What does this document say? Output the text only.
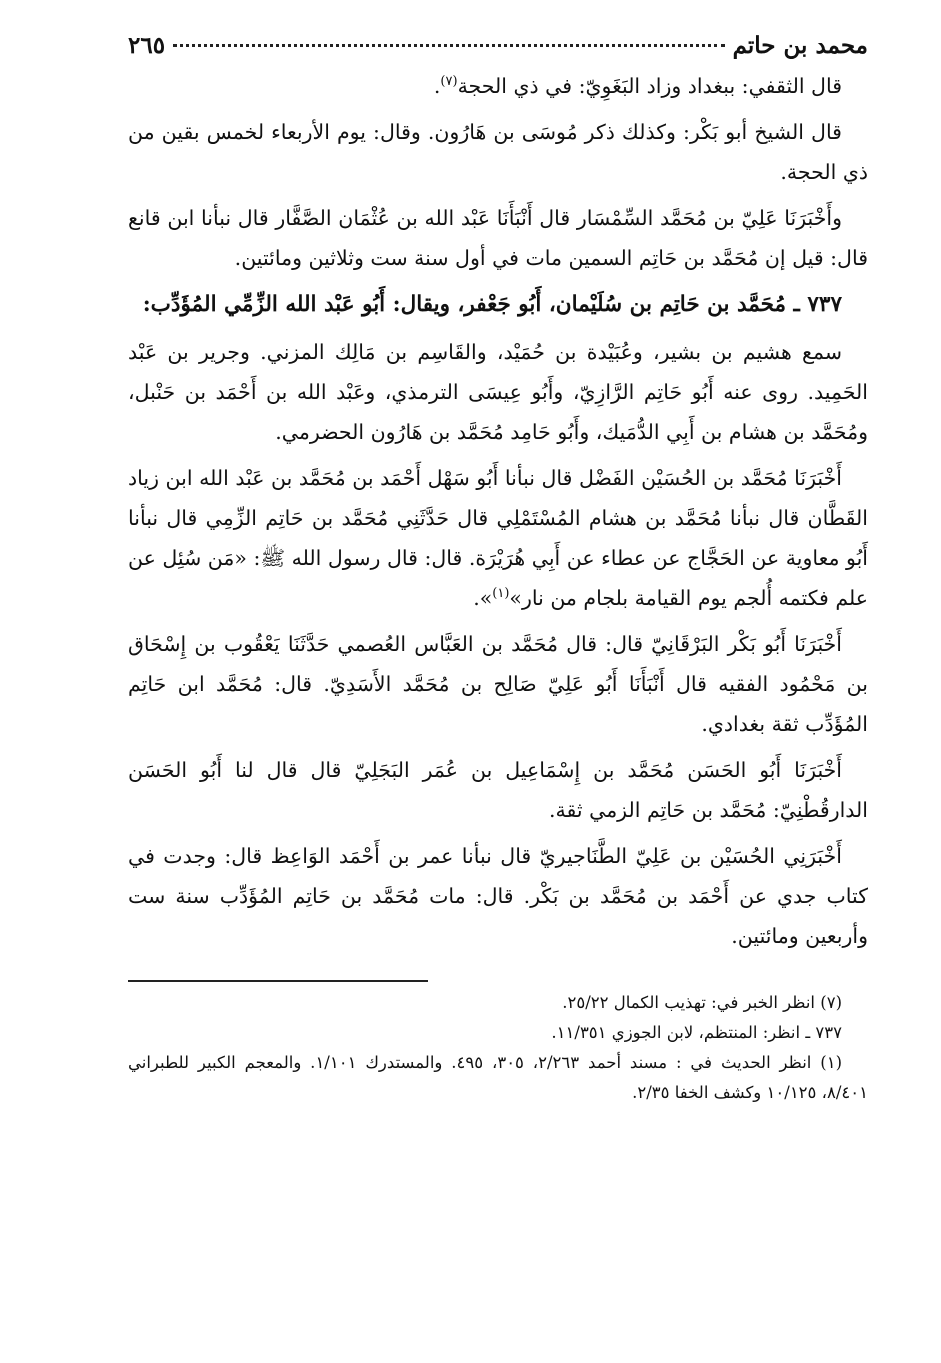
محمد بن حاتم
٢٦٥

قال الثقفي: ببغداد وزاد البَغَوِيّ: في ذي الحجة$^{(٧)}$.

قال الشيخ أبو بَكْر: وكذلك ذكر مُوسَى بن هَارُون. وقال: يوم الأربعاء لخمس بقين من ذي الحجة.

وأَخْبَرَنَا عَلِيّ بن مُحَمَّد السِّمْسَار قال أَنْبَأَنَا عَبْد الله بن عُثْمَان الصَّفَّار قال نبأنا ابن قانع قال: قيل إن مُحَمَّد بن حَاتِم السمين مات في أول سنة ست وثلاثين ومائتين.

٧٣٧ ـ مُحَمَّد بن حَاتِم بن سُلَيْمان، أَبُو جَعْفر، ويقال: أَبُو عَبْد الله الزِّمِّي المُؤَدِّب:

سمع هشيم بن بشير، وعُبَيْدة بن حُمَيْد، والقَاسِم بن مَالِك المزني. وجرير بن عَبْد الحَمِيد. روى عنه أَبُو حَاتِم الرَّازِيّ، وأَبُو عِيسَى الترمذي، وعَبْد الله بن أَحْمَد بن حَنْبل، ومُحَمَّد بن هشام بن أَبِي الدُّمَيك، وأَبُو حَامِد مُحَمَّد بن هَارُون الحضرمي.

أَخْبَرَنَا مُحَمَّد بن الحُسَيْن الفَضْل قال نبأنا أَبُو سَهْل أَحْمَد بن مُحَمَّد بن عَبْد الله ابن زياد القَطَّان قال نبأنا مُحَمَّد بن هشام المُسْتَمْلِي قال حَدَّثَنِي مُحَمَّد بن حَاتِم الزِّمِي قال نبأنا أَبُو معاوية عن الحَجَّاج عن عطاء عن أَبِي هُرَيْرَة. قال: قال رسول الله ﷺ: «مَن سُئِل عن علم فكتمه أُلجم يوم القيامة بلجام من نار»$^{(١)}$».

أَخْبَرَنَا أَبُو بَكْر البَرْقَانِيّ قال: قال مُحَمَّد بن العَبَّاس العُصمي حَدَّثَنَا يَعْقُوب بن إِسْحَاق بن مَحْمُود الفقيه قال أَنْبَأَنَا أَبُو عَلِيّ صَالِح بن مُحَمَّد الأَسَدِيّ. قال: مُحَمَّد ابن حَاتِم المُؤَدِّب ثقة بغدادي.

أَخْبَرَنَا أَبُو الحَسَن مُحَمَّد بن إِسْمَاعِيل بن عُمَر البَجَلِيّ قال قال لنا أَبُو الحَسَن الدارقُطْنِيّ: مُحَمَّد بن حَاتِم الزمي ثقة.

أَخْبَرَنِي الحُسَيْن بن عَلِيّ الطَّنَاجيريّ قال نبأنا عمر بن أَحْمَد الوَاعِظ قال: وجدت في كتاب جدي عن أَحْمَد بن مُحَمَّد بن بَكْر. قال: مات مُحَمَّد بن حَاتِم المُؤَدِّب سنة ست وأربعين ومائتين.

(٧) انظر الخبر في: تهذيب الكمال ٢٥/٢٢.

٧٣٧ ـ انظر: المنتظم، لابن الجوزي ١١/٣٥١.

(١) انظر الحديث في : مسند أحمد ٢/٢٦٣، ٣٠٥، ٤٩٥. والمستدرك ١/١٠١. والمعجم الكبير للطبراني ٨/٤٠١، ١٠/١٢٥ وكشف الخفا ٢/٣٥.
